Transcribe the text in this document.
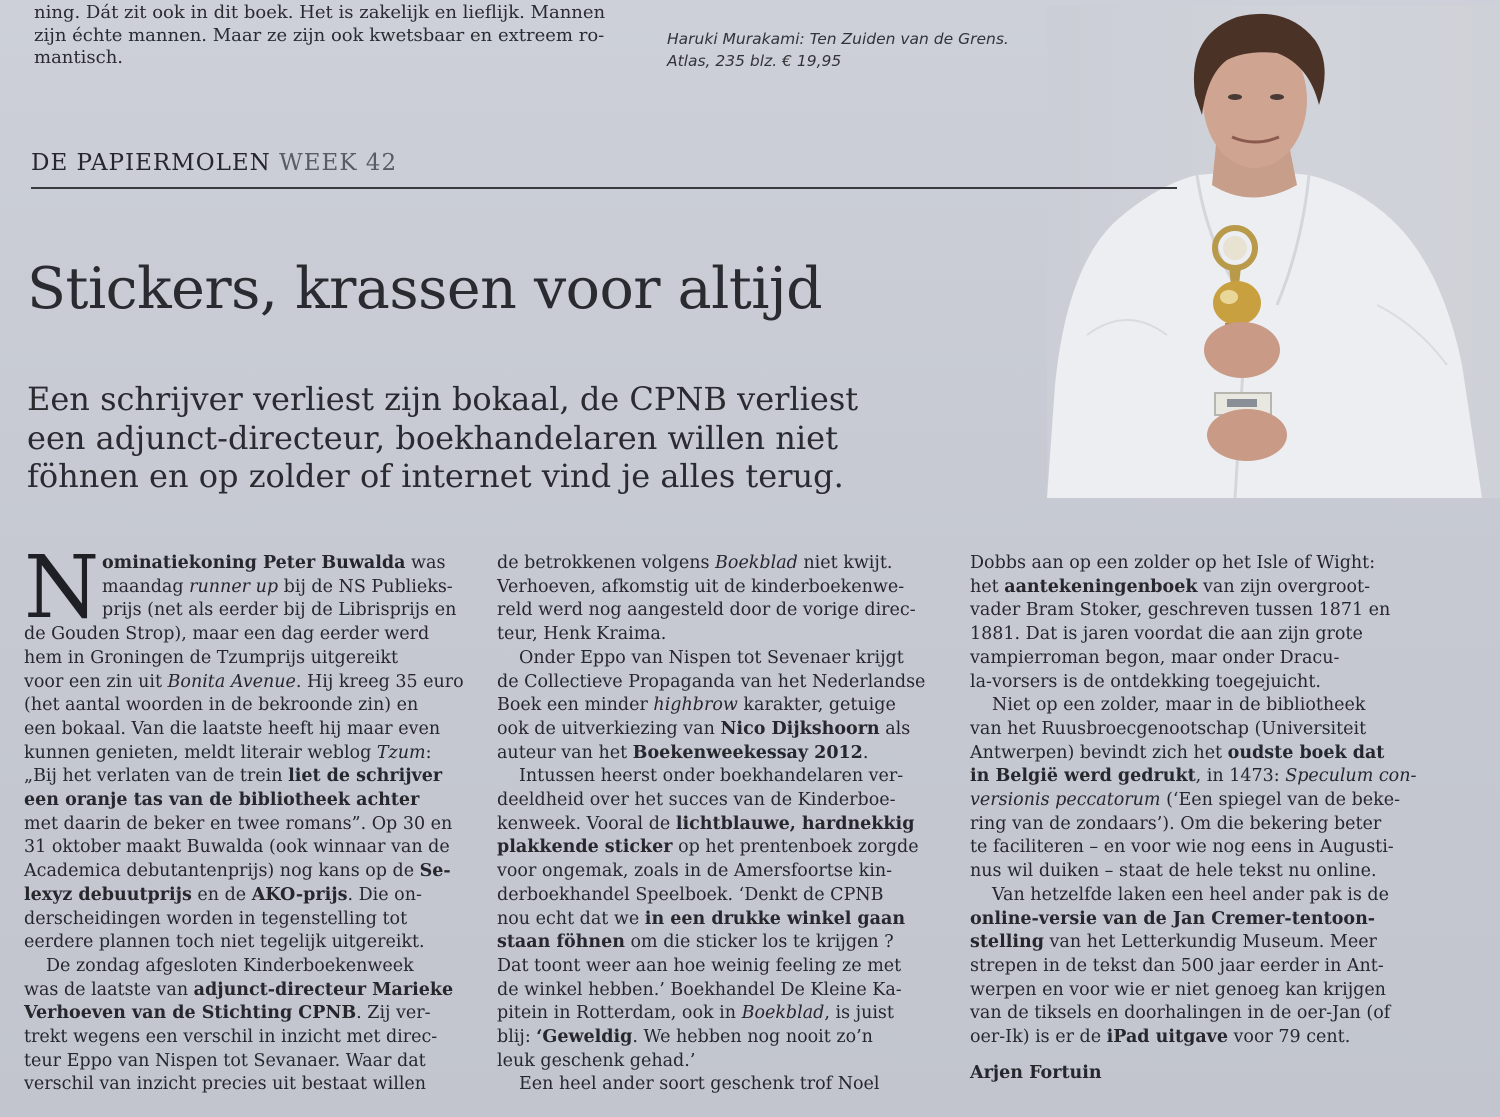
ning. Dát zit ook in dit boek. Het is zakelijk en lieflijk. Mannen
zijn échte mannen. Maar ze zijn ook kwetsbaar en extreem ro-
mantisch.
Haruki Murakami: Ten Zuiden van de Grens.
Atlas, 235 blz. € 19,95
DE PAPIERMOLEN WEEK 42
Stickers, krassen voor altijd
Een schrijver verliest zijn bokaal, de CPNB verliest
een adjunct-directeur, boekhandelaren willen niet
föhnen en op zolder of internet vind je alles terug.
N ominatiekoning Peter Buwalda was
maandag runner up bij de NS Publieks-
prijs (net als eerder bij de Librisprijs en
de Gouden Strop), maar een dag eerder werd
hem in Groningen de Tzumprijs uitgereikt
voor een zin uit Bonita Avenue. Hij kreeg 35 euro
(het aantal woorden in de bekroonde zin) en
een bokaal. Van die laatste heeft hij maar even
kunnen genieten, meldt literair weblog Tzum:
„Bij het verlaten van de trein liet de schrijver
een oranje tas van de bibliotheek achter
met daarin de beker en twee romans”. Op 30 en
31 oktober maakt Buwalda (ook winnaar van de
Academica debutantenprijs) nog kans op de Se-
lexyz debuutprijs en de AKO-prijs. Die on-
derscheidingen worden in tegenstelling tot
eerdere plannen toch niet tegelijk uitgereikt.
De zondag afgesloten Kinderboekenweek
was de laatste van adjunct-directeur Marieke
Verhoeven van de Stichting CPNB. Zij ver-
trekt wegens een verschil in inzicht met direc-
teur Eppo van Nispen tot Sevanaer. Waar dat
verschil van inzicht precies uit bestaat willen
de betrokkenen volgens Boekblad niet kwijt.
Verhoeven, afkomstig uit de kinderboekenwe-
reld werd nog aangesteld door de vorige direc-
teur, Henk Kraima.
Onder Eppo van Nispen tot Sevenaer krijgt
de Collectieve Propaganda van het Nederlandse
Boek een minder highbrow karakter, getuige
ook de uitverkiezing van Nico Dijkshoorn als
auteur van het Boekenweekessay 2012.
Intussen heerst onder boekhandelaren ver-
deeldheid over het succes van de Kinderboe-
kenweek. Vooral de lichtblauwe, hardnekkig
plakkende sticker op het prentenboek zorgde
voor ongemak, zoals in de Amersfoortse kin-
derboekhandel Speelboek. ‘Denkt de CPNB
nou echt dat we in een drukke winkel gaan
staan föhnen om die sticker los te krijgen ?
Dat toont weer aan hoe weinig feeling ze met
de winkel hebben.’ Boekhandel De Kleine Ka-
pitein in Rotterdam, ook in Boekblad, is juist
blij: ‘Geweldig. We hebben nog nooit zo’n
leuk geschenk gehad.’
Een heel ander soort geschenk trof Noel
Dobbs aan op een zolder op het Isle of Wight:
het aantekeningenboek van zijn overgroot-
vader Bram Stoker, geschreven tussen 1871 en
1881. Dat is jaren voordat die aan zijn grote
vampierroman begon, maar onder Dracu-
la-vorsers is de ontdekking toegejuicht.
Niet op een zolder, maar in de bibliotheek
van het Ruusbroecgenootschap (Universiteit
Antwerpen) bevindt zich het oudste boek dat
in België werd gedrukt, in 1473: Speculum con-
versionis peccatorum (‘Een spiegel van de beke-
ring van de zondaars’). Om die bekering beter
te faciliteren – en voor wie nog eens in Augusti-
nus wil duiken – staat de hele tekst nu online.
Van hetzelfde laken een heel ander pak is de
online-versie van de Jan Cremer-tentoon-
stelling van het Letterkundig Museum. Meer
strepen in de tekst dan 500 jaar eerder in Ant-
werpen en voor wie er niet genoeg kan krijgen
van de tiksels en doorhalingen in de oer-Jan (of
oer-Ik) is er de iPad uitgave voor 79 cent.
Arjen Fortuin
